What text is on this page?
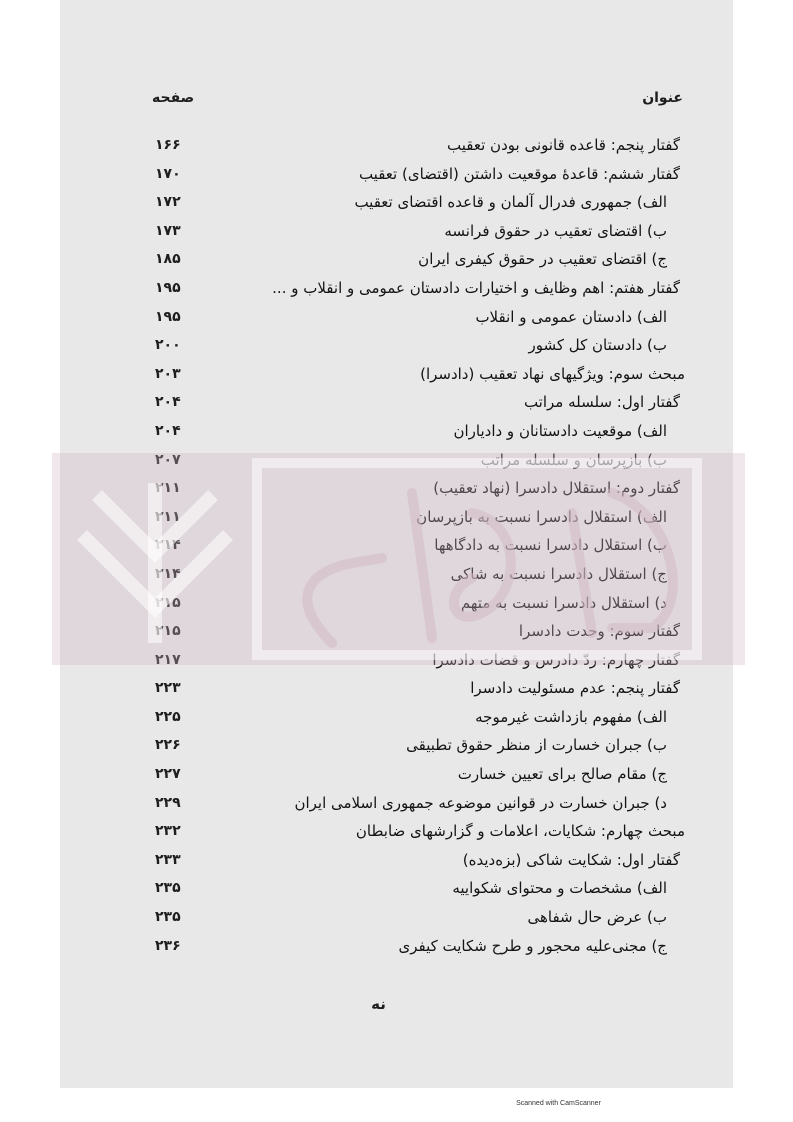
عنوان
صفحه
گفتار پنجم: قاعده قانونی بودن تعقیب
۱۶۶
گفتار ششم: قاعدهٔ موقعیت داشتن (اقتضای) تعقیب
۱۷۰
الف) جمهوری فدرال آلمان و قاعده اقتضای تعقیب
۱۷۲
ب) اقتضای تعقیب در حقوق فرانسه
۱۷۳
ج) اقتضای تعقیب در حقوق کیفری ایران
۱۸۵
گفتار هفتم: اهم وظایف و اختیارات دادستان عمومی و انقلاب و ...
۱۹۵
الف) دادستان عمومی و انقلاب
۱۹۵
ب) دادستان کل کشور
۲۰۰
مبحث سوم: ویژگیهای نهاد تعقیب (دادسرا)
۲۰۳
گفتار اول: سلسله مراتب
۲۰۴
الف) موقعیت دادستانان و دادیاران
۲۰۴
ب) بازپرسان و سلسله مراتب
۲۰۷
گفتار دوم: استقلال دادسرا (نهاد تعقیب)
۲۱۱
الف) استقلال دادسرا نسبت به بازپرسان
۲۱۱
ب) استقلال دادسرا نسبت به دادگاهها
۲۱۴
ج) استقلال دادسرا نسبت به شاکی
۲۱۴
د) استقلال دادسرا نسبت به متهم
۲۱۵
گفتار سوم: وحدت دادسرا
۲۱۵
گفتار چهارم: ردّ دادرس و قضات دادسرا
۲۱۷
گفتار پنجم: عدم مسئولیت دادسرا
۲۲۳
الف) مفهوم بازداشت غیرموجه
۲۲۵
ب) جبران خسارت از منظر حقوق تطبیقی
۲۲۶
ج) مقام صالح برای تعیین خسارت
۲۲۷
د) جبران خسارت در قوانین موضوعه جمهوری اسلامی ایران
۲۲۹
مبحث چهارم: شکایات، اعلامات و گزارشهای ضابطان
۲۳۲
گفتار اول: شکایت شاکی (بزه‌دیده)
۲۳۳
الف) مشخصات و محتوای شکواییه
۲۳۵
ب) عرض حال شفاهی
۲۳۵
ج) مجنی‌علیه محجور و طرح شکایت کیفری
۲۳۶
نه
Scanned with CamScanner
